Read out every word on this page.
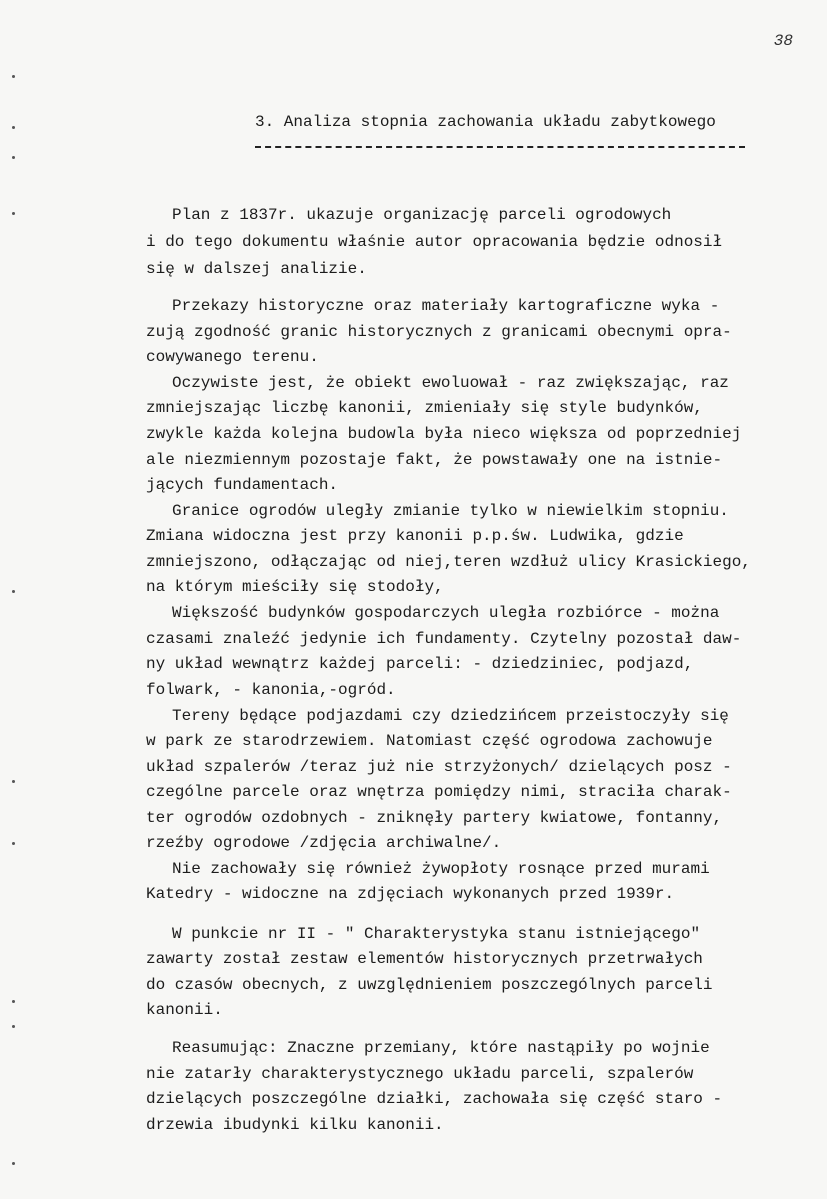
38
3. Analiza stopnia zachowania układu zabytkowego
Plan z 1837r. ukazuje organizację parceli ogrodowych
i do tego dokumentu właśnie autor opracowania będzie odnosił
się w dalszej analizie.
Przekazy historyczne oraz materiały kartograficzne wyka -
zują zgodność granic historycznych z granicami obecnymi opra-
cowywanego terenu.
Oczywiste jest, że obiekt ewoluował - raz zwiększając, raz
zmniejszając liczbę kanonii, zmieniały się style budynków,
zwykle każda kolejna budowla była nieco większa od poprzedniej
ale niezmiennym pozostaje fakt, że powstawały one na istnie-
jących fundamentach.
Granice ogrodów uległy zmianie tylko w niewielkim stopniu.
Zmiana widoczna jest przy kanonii p.p.św. Ludwika, gdzie
zmniejszono, odłączając od niej,teren wzdłuż ulicy Krasickiego,
na którym mieściły się stodoły,
Większość budynków gospodarczych uległa rozbiórce - można
czasami znaleźć jedynie ich fundamenty. Czytelny pozostał daw-
ny układ wewnątrz każdej parceli: - dziedziniec, podjazd,
folwark, - kanonia,-ogród.
Tereny będące podjazdami czy dziedzińcem przeistoczyły się
w park ze starodrzewiem. Natomiast część ogrodowa zachowuje
układ szpalerów /teraz już nie strzyżonych/ dzielących posz -
czególne parcele oraz wnętrza pomiędzy nimi, straciła charak-
ter ogrodów ozdobnych - zniknęły partery kwiatowe, fontanny,
rzeźby ogrodowe /zdjęcia archiwalne/.
Nie zachowały się również żywopłoty rosnące przed murami
Katedry - widoczne na zdjęciach wykonanych przed 1939r.
W punkcie nr II - " Charakterystyka stanu istniejącego"
zawarty został zestaw elementów historycznych przetrwałych
do czasów obecnych, z uwzględnieniem poszczególnych parceli
kanonii.
Reasumując: Znaczne przemiany, które nastąpiły po wojnie
nie zatarły charakterystycznego układu parceli, szpalerów
dzielących poszczególne działki, zachowała się część staro -
drzewia ibudynki kilku kanonii.
